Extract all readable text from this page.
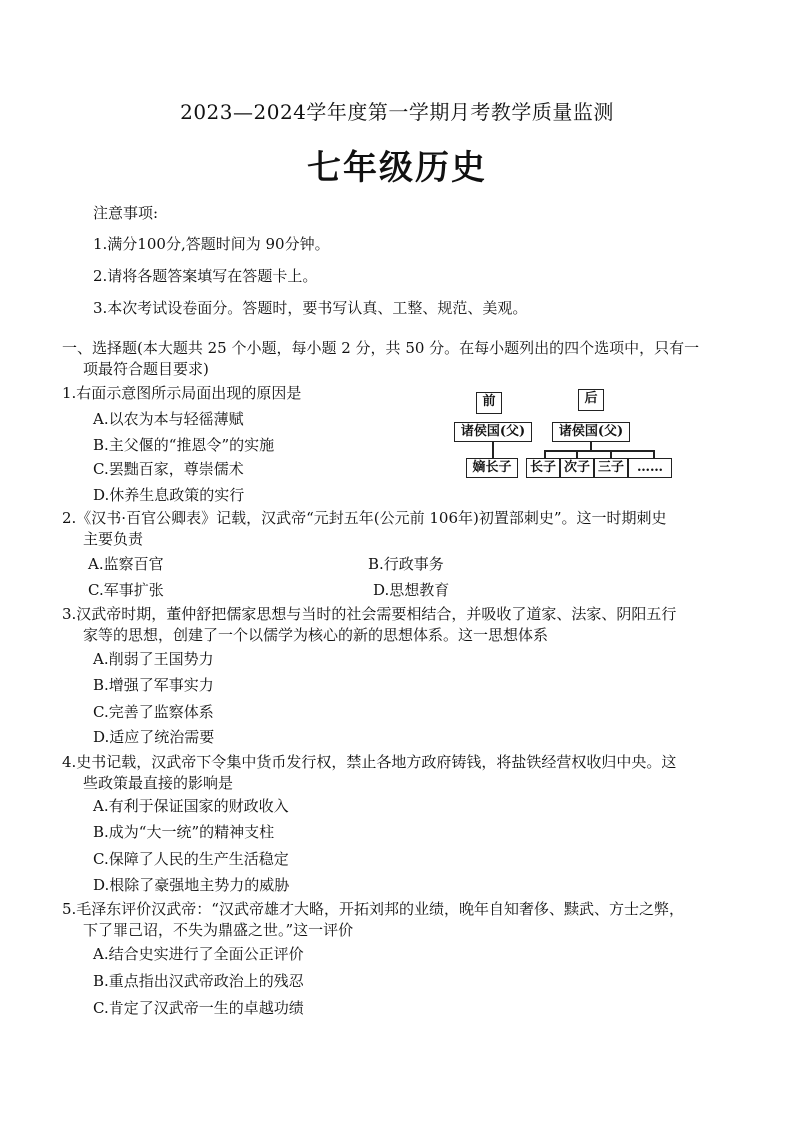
2023—2024学年度第一学期月考教学质量监测
七年级历史
注意事项:
1.满分100分,答题时间为 90分钟。
2.请将各题答案填写在答题卡上。
3.本次考试设卷面分。答题时，要书写认真、工整、规范、美观。
一、选择题(本大题共 25 个小题，每小题 2 分，共 50 分。在每小题列出的四个选项中，只有一
项最符合题目要求)
1.右面示意图所示局面出现的原因是
A.以农为本与轻徭薄赋
B.主父偃的“推恩令”的实施
C.罢黜百家，尊崇儒术
D.休养生息政策的实行
前	后
诸侯国(父)	诸侯国(父)
嫡长子	长子 次子 三子	……
2.《汉书·百官公卿表》记载，汉武帝“元封五年(公元前 106年)初置部刺史”。这一时期刺史
主要负责
A.监察百官	B.行政事务
C.军事扩张	D.思想教育
3.汉武帝时期，董仲舒把儒家思想与当时的社会需要相结合，并吸收了道家、法家、阴阳五行
家等的思想，创建了一个以儒学为核心的新的思想体系。这一思想体系
A.削弱了王国势力
B.增强了军事实力
C.完善了监察体系
D.适应了统治需要
4.史书记载，汉武帝下令集中货币发行权，禁止各地方政府铸钱，将盐铁经营权收归中央。这
些政策最直接的影响是
A.有利于保证国家的财政收入
B.成为“大一统”的精神支柱
C.保障了人民的生产生活稳定
D.根除了豪强地主势力的威胁
5.毛泽东评价汉武帝：“汉武帝雄才大略，开拓刘邦的业绩，晚年自知奢侈、黩武、方士之弊，
下了罪己诏，不失为鼎盛之世。”这一评价
A.结合史实进行了全面公正评价
B.重点指出汉武帝政治上的残忍
C.肯定了汉武帝一生的卓越功绩
